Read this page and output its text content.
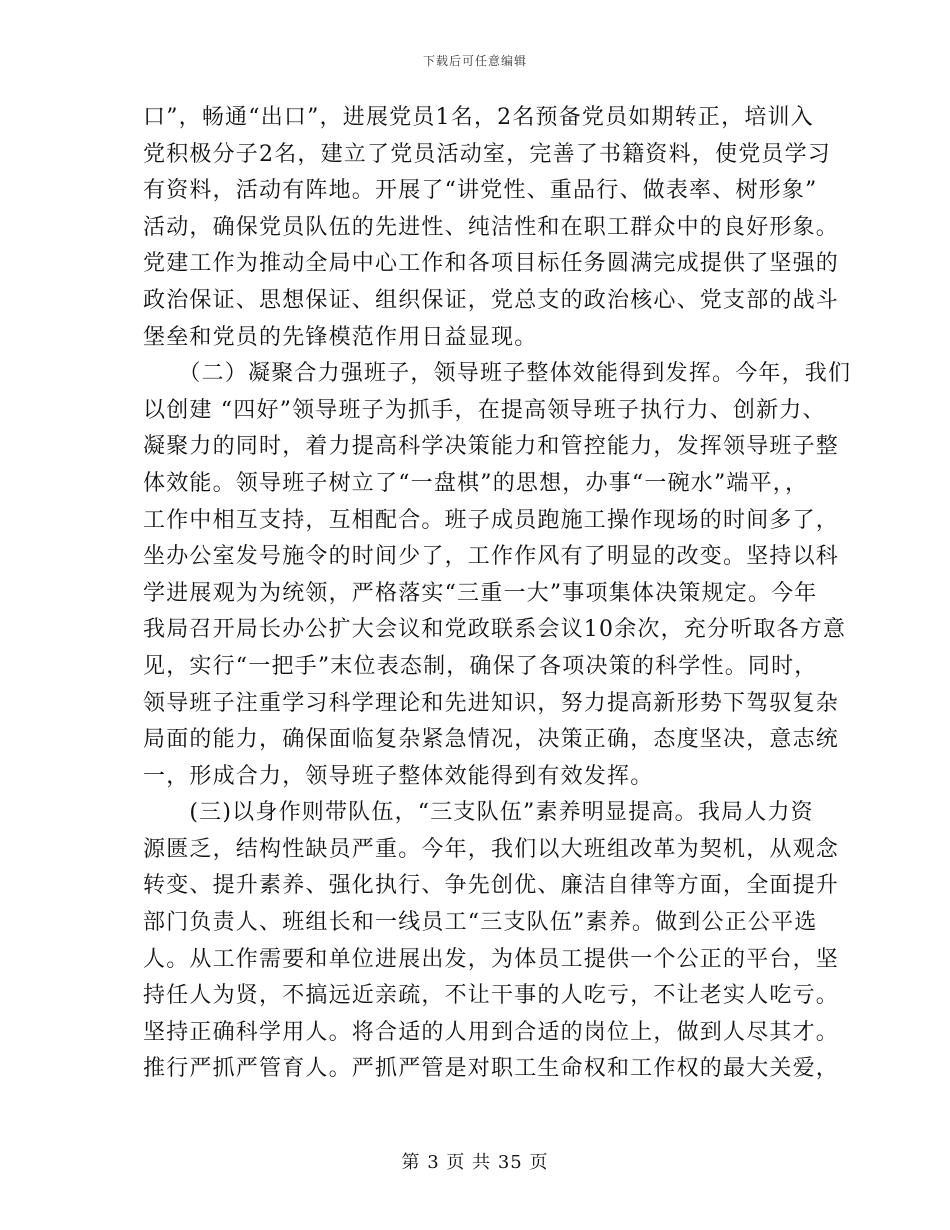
下载后可任意编辑
口”，畅通“出口”，进展党员1名，2名预备党员如期转正，培训入
党积极分子2名，建立了党员活动室，完善了书籍资料，使党员学习
有资料，活动有阵地。开展了“讲党性、重品行、做表率、树形象”
活动，确保党员队伍的先进性、纯洁性和在职工群众中的良好形象。
党建工作为推动全局中心工作和各项目标任务圆满完成提供了坚强的
政治保证、思想保证、组织保证，党总支的政治核心、党支部的战斗
堡垒和党员的先锋模范作用日益显现。
　　（二）凝聚合力强班子，领导班子整体效能得到发挥。今年，我们
以创建 “四好”领导班子为抓手，在提高领导班子执行力、创新力、
凝聚力的同时，着力提高科学决策能力和管控能力，发挥领导班子整
体效能。领导班子树立了“一盘棋”的思想，办事“一碗水”端平，，
工作中相互支持，互相配合。班子成员跑施工操作现场的时间多了，
坐办公室发号施令的时间少了，工作作风有了明显的改变。坚持以科
学进展观为为统领，严格落实“三重一大”事项集体决策规定。今年
我局召开局长办公扩大会议和党政联系会议10余次，充分听取各方意
见，实行“一把手”末位表态制，确保了各项决策的科学性。同时，
领导班子注重学习科学理论和先进知识，努力提高新形势下驾驭复杂
局面的能力，确保面临复杂紧急情况，决策正确，态度坚决，意志统
一，形成合力，领导班子整体效能得到有效发挥。
　　(三)以身作则带队伍，“三支队伍”素养明显提高。我局人力资
源匮乏，结构性缺员严重。今年，我们以大班组改革为契机，从观念
转变、提升素养、强化执行、争先创优、廉洁自律等方面，全面提升
部门负责人、班组长和一线员工“三支队伍”素养。做到公正公平选
人。从工作需要和单位进展出发，为体员工提供一个公正的平台，坚
持任人为贤，不搞远近亲疏，不让干事的人吃亏，不让老实人吃亏。
坚持正确科学用人。将合适的人用到合适的岗位上，做到人尽其才。
推行严抓严管育人。严抓严管是对职工生命权和工作权的最大关爱，
第 3 页 共 35 页
